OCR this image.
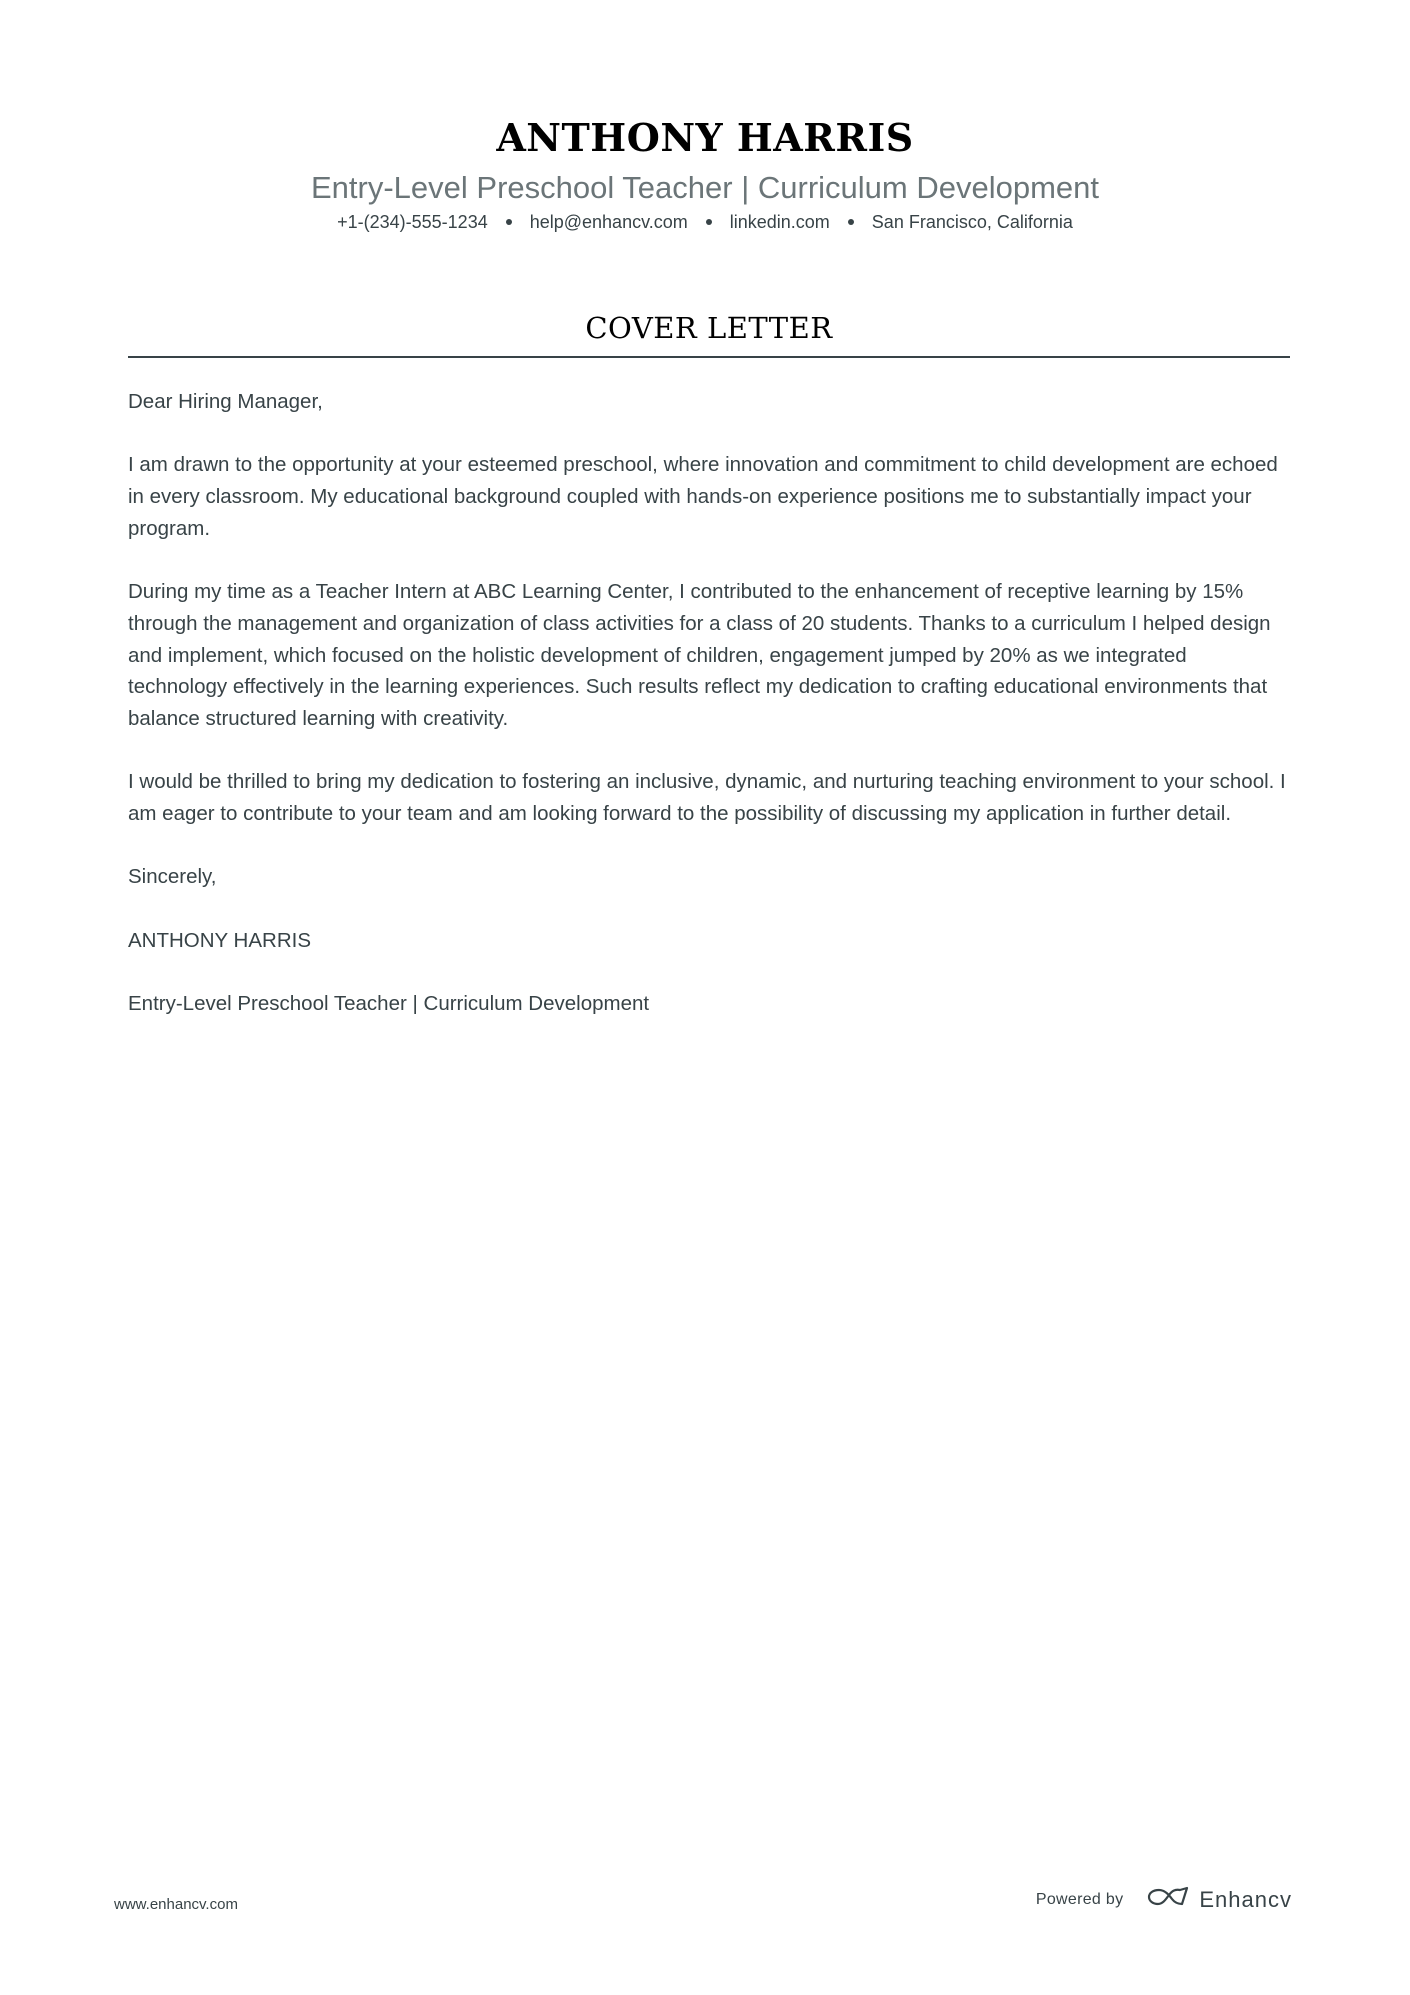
ANTHONY HARRIS
Entry-Level Preschool Teacher | Curriculum Development
+1-(234)-555-1234 help@enhancv.com linkedin.com San Francisco, California
COVER LETTER

Dear Hiring Manager,

I am drawn to the opportunity at your esteemed preschool, where innovation and commitment to child development are echoed in every classroom. My educational background coupled with hands-on experience positions me to substantially impact your program.

During my time as a Teacher Intern at ABC Learning Center, I contributed to the enhancement of receptive learning by 15% through the management and organization of class activities for a class of 20 students. Thanks to a curriculum I helped design and implement, which focused on the holistic development of children, engagement jumped by 20% as we integrated technology effectively in the learning experiences. Such results reflect my dedication to crafting educational environments that balance structured learning with creativity.

I would be thrilled to bring my dedication to fostering an inclusive, dynamic, and nurturing teaching environment to your school. I am eager to contribute to your team and am looking forward to the possibility of discussing my application in further detail.

Sincerely,

ANTHONY HARRIS

Entry-Level Preschool Teacher | Curriculum Development

www.enhancv.com	Powered by	Enhancv
